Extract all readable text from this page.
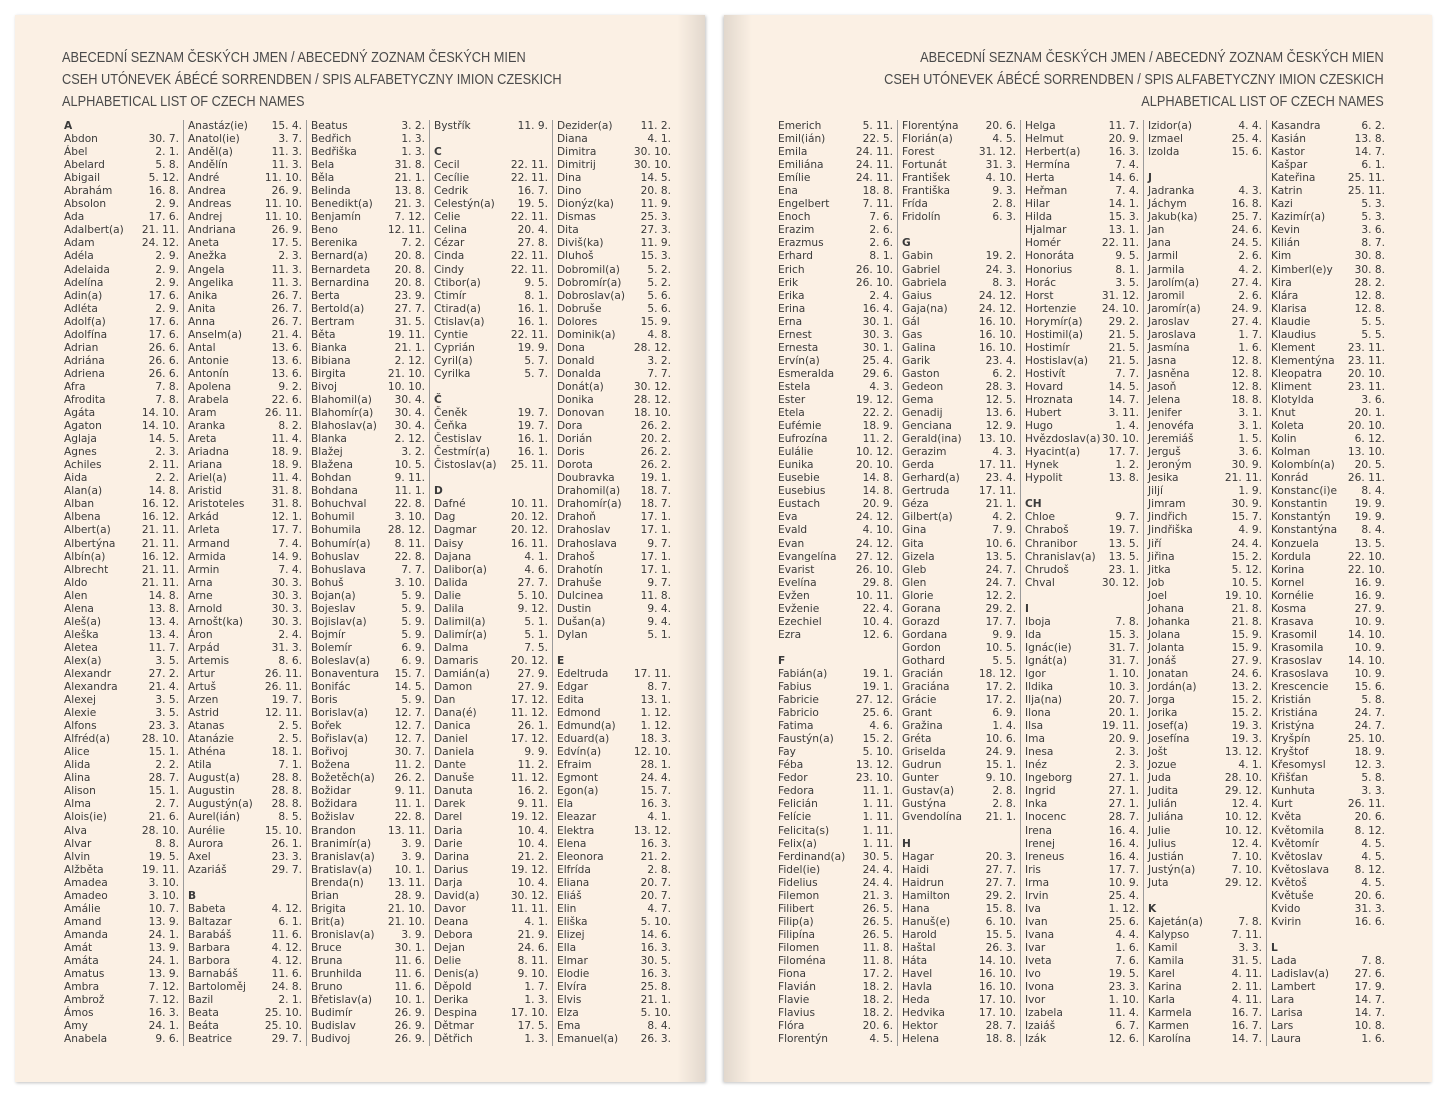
ABECEDNÍ SEZNAM ČESKÝCH JMEN / ABECEDNÝ ZOZNAM ČESKÝCH MIEN
CSEH UTÓNEVEK ÁBÉCÉ SORRENDBEN / SPIS ALFABETYCZNY IMION CZESKICH
ALPHABETICAL LIST OF CZECH NAMES
A
Abdon	30. 7.
Ábel	2. 1.
Abelard	5. 8.
Abigail	5. 12.
Abrahám	16. 8.
Absolon	2. 9.
Ada	17. 6.
Adalbert(a) 21. 11.
Adam	24. 12.
Adéla	2. 9.
Adelaida	2. 9.
Adelína	2. 9.
Adin(a)	17. 6.
Adléta	2. 9.
Adolf(a)	17. 6.
Adolfína	17. 6.
Adrian	26. 6.
Adriána	26. 6.
Adriena	26. 6.
Afra	7. 8.
Afrodita	7. 8.
Agáta	14. 10.
Agaton	14. 10.
Aglaja	14. 5.
Agnes	2. 3.
Achiles	2. 11.
Aida	2. 2.
Alan(a)	14. 8.
Alban	16. 12.
Albena	16. 12.
Albert(a)	21. 11.
Albertýna	21. 11.
Albín(a)	16. 12.
Albrecht	21. 11.
Aldo	21. 11.
Alen	14. 8.
Alena	13. 8.
Aleš(a)	13. 4.
Aleška	13. 4.
Aletea	11. 7.
Alex(a)	3. 5.
Alexandr	27. 2.
Alexandra	21. 4.
Alexej	3. 5.
Alexie	3. 5.
Alfons	23. 3.
Alfréd(a)	28. 10.
Alice	15. 1.
Alida	2. 2.
Alina	28. 7.
Alison	15. 1.
Alma	2. 7.
Alois(ie)	21. 6.
Alva	28. 10.
Alvar	8. 8.
Alvin	19. 5.
Alžběta	19. 11.
Amadea	3. 10.
Amadeo	3. 10.
Amálie	10. 7.
Amand	13. 9.
Amanda	24. 1.
Amát	13. 9.
Amáta	24. 1.
Amatus	13. 9.
Ambra	7. 12.
Ambrož	7. 12.
Ámos	16. 3.
Amy	24. 1.
Anabela	9. 6.
Anastáz(ie) 15. 4.
Anatol(ie)	3. 7.
Anděl(a)	11. 3.
Andělín	11. 3.
André	11. 10.
Andrea	26. 9.
Andreas	11. 10.
Andrej	11. 10.
Andriana	26. 9.
Aneta	17. 5.
Anežka	2. 3.
Angela	11. 3.
Angelika	11. 3.
Anika	26. 7.
Anita	26. 7.
Anna	26. 7.
Anselm(a)	21. 4.
Antal	13. 6.
Antonie	13. 6.
Antonín	13. 6.
Apolena	9. 2.
Arabela	22. 6.
Aram	26. 11.
Aranka	8. 2.
Areta	11. 4.
Ariadna	18. 9.
Ariana	18. 9.
Ariel(a)	11. 4.
Aristid	31. 8.
Aristoteles	31. 8.
Arkád	12. 1.
Arleta	17. 7.
Armand	7. 4.
Armida	14. 9.
Armin	7. 4.
Arna	30. 3.
Arne	30. 3.
Arnold	30. 3.
Arnošt(ka)	30. 3.
Áron	2. 4.
Arpád	31. 3.
Artemis	8. 6.
Artur	26. 11.
Artuš	26. 11.
Arzen	19. 7.
Astrid	12. 11.
Atanas	2. 5.
Atanázie	2. 5.
Athéna	18. 1.
Atila	7. 1.
August(a)	28. 8.
Augustin	28. 8.
Augustýn(a) 28. 8.
Aurel(ián)	8. 5.
Aurélie	15. 10.
Aurora	26. 1.
Axel	23. 3.
Azariáš	29. 7.
B
Babeta	4. 12.
Baltazar	6. 1.
Barabáš	11. 6.
Barbara	4. 12.
Barbora	4. 12.
Barnabáš	11. 6.
Bartoloměj 24. 8.
Bazil	2. 1.
Beata	25. 10.
Beáta	25. 10.
Beatrice	29. 7.
Beatus	3. 2.
Bedřich	1. 3.
Bedřiška	1. 3.
Bela	31. 8.
Běla	21. 1.
Belinda	13. 8.
Benedikt(a) 21. 3.
Benjamín	7. 12.
Beno	12. 11.
Berenika	7. 2.
Bernard(a)	20. 8.
Bernardeta 20. 8.
Bernardina 20. 8.
Berta	23. 9.
Bertold(a)	27. 7.
Bertram	31. 5.
Běta	19. 11.
Bianka	21. 1.
Bibiana	2. 12.
Birgita	21. 10.
Bivoj	10. 10.
Blahomil(a) 30. 4.
Blahomír(a) 30. 4.
Blahoslav(a) 30. 4.
Blanka	2. 12.
Blažej	3. 2.
Blažena	10. 5.
Bohdan	9. 11.
Bohdana	11. 1.
Bohuchval	22. 8.
Bohumil	3. 10.
Bohumila	28. 12.
Bohumír(a) 8. 11.
Bohuslav	22. 8.
Bohuslava	7. 7.
Bohuš	3. 10.
Bojan(a)	5. 9.
Bojeslav	5. 9.
Bojislav(a)	5. 9.
Bojmír	5. 9.
Bolemír	6. 9.
Boleslav(a)	6. 9.
Bonaventura 15. 7.
Bonifác	14. 5.
Boris	5. 9.
Borislav(a)	12. 7.
Bořek	12. 7.
Bořislav(a)	12. 7.
Bořivoj	30. 7.
Božena	11. 2.
Božetěch(a) 26. 2.
Božidar	9. 11.
Božidara	11. 1.
Božislav	22. 8.
Brandon	13. 11.
Branimír(a)	3. 9.
Branislav(a)	3. 9.
Bratislav(a) 10. 1.
Brenda(n) 13. 11.
Brian	28. 9.
Brigita	21. 10.
Brit(a)	21. 10.
Bronislav(a)	3. 9.
Bruce	30. 1.
Bruna	11. 6.
Brunhilda	11. 6.
Bruno	11. 6.
Břetislav(a) 10. 1.
Budimír	26. 9.
Budislav	26. 9.
Budivoj	26. 9.
Bystřík	11. 9.
C
Cecil	22. 11.
Cecílie	22. 11.
Cedrik	16. 7.
Celestýn(a) 19. 5.
Celie	22. 11.
Celina	20. 4.
Cézar	27. 8.
Cinda	22. 11.
Cindy	22. 11.
Ctibor(a)	9. 5.
Ctimír	8. 1.
Ctirad(a)	16. 1.
Ctislav(a)	16. 1.
Cyntie	22. 11.
Cyprián	19. 9.
Cyril(a)	5. 7.
Cyrilka	5. 7.
Č
Čeněk	19. 7.
Čeňka	19. 7.
Čestislav	16. 1.
Čestmír(a)	16. 1.
Čistoslav(a) 25. 11.
D
Dafné	10. 11.
Dag	20. 12.
Dagmar	20. 12.
Daisy	16. 11.
Dajana	4. 1.
Dalibor(a)	4. 6.
Dalida	27. 7.
Dalie	5. 10.
Dalila	9. 12.
Dalimil(a)	5. 1.
Dalimír(a)	5. 1.
Dalma	7. 5.
Damaris	20. 12.
Damián(a)	27. 9.
Damon	27. 9.
Dan	17. 12.
Dana(é)	11. 12.
Danica	26. 1.
Daniel	17. 12.
Daniela	9. 9.
Dante	11. 2.
Danuše	11. 12.
Danuta	16. 2.
Darek	9. 11.
Darel	19. 12.
Daria	10. 4.
Darie	10. 4.
Darina	21. 2.
Darius	19. 12.
Darja	10. 4.
David(a)	30. 12.
Davor	11. 11.
Deana	4. 1.
Debora	21. 9.
Dejan	24. 6.
Delie	8. 11.
Denis(a)	9. 10.
Děpold	1. 7.
Derika	1. 3.
Despina	17. 10.
Dětmar	17. 5.
Dětřich	1. 3.
Dezider(a)	11. 2.
Diana	4. 1.
Dimitra	30. 10.
Dimitrij	30. 10.
Dina	14. 5.
Dino	20. 8.
Dionýz(ka)	11. 9.
Dismas	25. 3.
Dita	27. 3.
Diviš(ka)	11. 9.
Dluhoš	15. 3.
Dobromil(a)	5. 2.
Dobromír(a) 5. 2.
Dobroslav(a) 5. 6.
Dobruše	5. 6.
Dolores	15. 9.
Dominik(a)	4. 8.
Dona	28. 12.
Donald	3. 2.
Donalda	7. 7.
Donát(a)	30. 12.
Donika	28. 12.
Donovan	18. 10.
Dora	26. 2.
Dorián	20. 2.
Doris	26. 2.
Dorota	26. 2.
Doubravka 19. 1.
Drahomil(a) 18. 7.
Drahomír(a) 18. 7.
Drahoň	17. 1.
Drahoslav	17. 1.
Drahoslava	9. 7.
Drahoš	17. 1.
Drahotín	17. 1.
Drahuše	9. 7.
Dulcinea	11. 8.
Dustin	9. 4.
Dušan(a)	9. 4.
Dylan	5. 1.
E
Edeltruda 17. 11.
Edgar	8. 7.
Edita	13. 1.
Edmond	1. 12.
Edmund(a) 1. 12.
Eduard(a)	18. 3.
Edvín(a)	12. 10.
Efraim	28. 1.
Egmont	24. 4.
Egon(a)	15. 7.
Ela	16. 3.
Eleazar	4. 1.
Elektra	13. 12.
Elena	16. 3.
Eleonora	21. 2.
Elfrída	2. 8.
Eliana	20. 7.
Eliáš	20. 7.
Elin	4. 7.
Eliška	5. 10.
Elizej	14. 6.
Ella	16. 3.
Elmar	30. 5.
Elodie	16. 3.
Elvíra	25. 8.
Elvis	21. 1.
Elza	5. 10.
Ema	8. 4.
Emanuel(a) 26. 3.
ABECEDNÍ SEZNAM ČESKÝCH JMEN / ABECEDNÝ ZOZNAM ČESKÝCH MIEN
CSEH UTÓNEVEK ÁBÉCÉ SORRENDBEN / SPIS ALFABETYCZNY IMION CZESKICH
ALPHABETICAL LIST OF CZECH NAMES
Emerich	5. 11.
Emil(ián)	22. 5.
Emila	24. 11.
Emiliána	24. 11.
Emílie	24. 11.
Ena	18. 8.
Engelbert	7. 11.
Enoch	7. 6.
Erazim	2. 6.
Erazmus	2. 6.
Erhard	8. 1.
Erich	26. 10.
Erik	26. 10.
Erika	2. 4.
Erina	16. 4.
Erna	30. 1.
Ernest	30. 3.
Ernesta	30. 1.
Ervín(a)	25. 4.
Esmeralda	29. 6.
Estela	4. 3.
Ester	19. 12.
Etela	22. 2.
Eufémie	18. 9.
Eufrozína	11. 2.
Eulálie	10. 12.
Eunika	20. 10.
Eusebie	14. 8.
Eusebius	14. 8.
Eustach	20. 9.
Eva	24. 12.
Evald	4. 10.
Evan	24. 12.
Evangelína 27. 12.
Evarist	26. 10.
Evelína	29. 8.
Evžen	10. 11.
Evženie	22. 4.
Ezechiel	10. 4.
Ezra	12. 6.
F
Fabián(a)	19. 1.
Fabius	19. 1.
Fabricie	27. 12.
Fabricio	25. 6.
Fatima	4. 6.
Faustýn(a)	15. 2.
Fay	5. 10.
Féba	13. 12.
Fedor	23. 10.
Fedora	11. 1.
Felicián	1. 11.
Felície	1. 11.
Felicita(s)	1. 11.
Felix(a)	1. 11.
Ferdinand(a) 30. 5.
Fidel(ie)	24. 4.
Fidelius	24. 4.
Filemon	21. 3.
Filibert	26. 5.
Filip(a)	26. 5.
Filipína	26. 5.
Filomen	11. 8.
Filoména	11. 8.
Fiona	17. 2.
Flavián	18. 2.
Flavie	18. 2.
Flavius	18. 2.
Flóra	20. 6.
Florentýn	4. 5.
Florentýna	20. 6.
Florián(a)	4. 5.
Forest	31. 12.
Fortunát	31. 3.
František	4. 10.
Františka	9. 3.
Frída	2. 8.
Fridolín	6. 3.
G
Gabin	19. 2.
Gabriel	24. 3.
Gabriela	8. 3.
Gaius	24. 12.
Gaja(na)	24. 12.
Gál	16. 10.
Gas	16. 10.
Galina	16. 10.
Garik	23. 4.
Gaston	6. 2.
Gedeon	28. 3.
Gema	12. 5.
Genadij	13. 6.
Genciana	12. 9.
Gerald(ina) 13. 10.
Gerazim	4. 3.
Gerda	17. 11.
Gerhard(a) 23. 4.
Gertruda	17. 11.
Géza	21. 1.
Gilbert(a)	4. 2.
Gina	7. 9.
Gita	10. 6.
Gizela	13. 5.
Gleb	24. 7.
Glen	24. 7.
Glorie	12. 2.
Gorana	29. 2.
Gorazd	17. 7.
Gordana	9. 9.
Gordon	10. 5.
Gothard	5. 5.
Gracián	18. 12.
Graciána	17. 2.
Grácie	17. 2.
Grant	6. 9.
Gražina	1. 4.
Gréta	10. 6.
Griselda	24. 9.
Gudrun	15. 1.
Gunter	9. 10.
Gustav(a)	2. 8.
Gustýna	2. 8.
Gvendolína 21. 1.
H
Hagar	20. 3.
Haidi	27. 7.
Haidrun	27. 7.
Hamilton	29. 2.
Hana	15. 8.
Hanuš(e)	6. 10.
Harold	15. 5.
Haštal	26. 3.
Háta	14. 10.
Havel	16. 10.
Havla	16. 10.
Heda	17. 10.
Hedvika	17. 10.
Hektor	28. 7.
Helena	18. 8.
Helga	11. 7.
Helmut	20. 9.
Herbert(a)	16. 3.
Hermína	7. 4.
Herta	14. 6.
Heřman	7. 4.
Hilar	14. 1.
Hilda	15. 3.
Hjalmar	13. 1.
Homér	22. 11.
Honoráta	9. 5.
Honorius	8. 1.
Horác	3. 5.
Horst	31. 12.
Hortenzie 24. 10.
Horymír(a) 29. 2.
Hostimil(a) 21. 5.
Hostimír	21. 5.
Hostislav(a) 21. 5.
Hostivít	7. 7.
Hovard	14. 5.
Hroznata	14. 7.
Hubert	3. 11.
Hugo	1. 4.
Hvězdoslav(a) 30. 10.
Hyacint(a)	17. 7.
Hynek	1. 2.
Hypolit	13. 8.
CH
Chloe	9. 7.
Chraboš	19. 7.
Chranibor	13. 5.
Chranislav(a) 13. 5.
Chrudoš	23. 1.
Chval	30. 12.
I
Iboja	7. 8.
Ida	15. 3.
Ignác(ie)	31. 7.
Ignát(a)	31. 7.
Igor	1. 10.
Ildika	10. 3.
Ilja(na)	20. 7.
Ilona	20. 1.
Ilsa	19. 11.
Ima	20. 9.
Inesa	2. 3.
Inéz	2. 3.
Ingeborg	27. 1.
Ingrid	27. 1.
Inka	27. 1.
Inocenc	28. 7.
Irena	16. 4.
Irenej	16. 4.
Ireneus	16. 4.
Iris	17. 7.
Irma	10. 9.
Irvin	25. 4.
Iva	1. 12.
Ivan	25. 6.
Ivana	4. 4.
Ivar	1. 6.
Iveta	7. 6.
Ivo	19. 5.
Ivona	23. 3.
Ivor	1. 10.
Izabela	11. 4.
Izaiáš	6. 7.
Izák	12. 6.
Izidor(a)	4. 4.
Izmael	25. 4.
Izolda	15. 6.
J
Jadranka	4. 3.
Jáchym	16. 8.
Jakub(ka)	25. 7.
Jan	24. 6.
Jana	24. 5.
Jarmil	2. 6.
Jarmila	4. 2.
Jarolím(a)	27. 4.
Jaromil	2. 6.
Jaromír(a)	24. 9.
Jaroslav	27. 4.
Jaroslava	1. 7.
Jasmína	1. 6.
Jasna	12. 8.
Jasněna	12. 8.
Jasoň	12. 8.
Jelena	18. 8.
Jenifer	3. 1.
Jenovéfa	3. 1.
Jeremiáš	1. 5.
Jerguš	3. 6.
Jeroným	30. 9.
Jesika	21. 11.
Jiljí	1. 9.
Jimram	30. 9.
Jindřich	15. 7.
Jindřiška	4. 9.
Jiří	24. 4.
Jiřina	15. 2.
Jitka	5. 12.
Job	10. 5.
Joel	19. 10.
Johana	21. 8.
Johanka	21. 8.
Jolana	15. 9.
Jolanta	15. 9.
Jonáš	27. 9.
Jonatan	24. 6.
Jordán(a)	13. 2.
Jorga	15. 2.
Jorika	15. 2.
Josef(a)	19. 3.
Josefína	19. 3.
Jošt	13. 12.
Jozue	4. 1.
Juda	28. 10.
Judita	29. 12.
Julián	12. 4.
Juliána	10. 12.
Julie	10. 12.
Julius	12. 4.
Justián	7. 10.
Justýn(a)	7. 10.
Juta	29. 12.
K
Kajetán(a)	7. 8.
Kalypso	7. 11.
Kamil	3. 3.
Kamila	31. 5.
Karel	4. 11.
Karina	2. 11.
Karla	4. 11.
Karmela	16. 7.
Karmen	16. 7.
Karolína	14. 7.
Kasandra	6. 2.
Kasián	13. 8.
Kastor	14. 7.
Kašpar	6. 1.
Kateřina	25. 11.
Katrin	25. 11.
Kazi	5. 3.
Kazimír(a)	5. 3.
Kevin	3. 6.
Kilián	8. 7.
Kim	30. 8.
Kimberl(e)y 30. 8.
Kira	28. 2.
Klára	12. 8.
Klarisa	12. 8.
Klaudie	5. 5.
Klaudius	5. 5.
Klement	23. 11.
Klementýna 23. 11.
Kleopatra 20. 10.
Kliment	23. 11.
Klotylda	3. 6.
Knut	20. 1.
Koleta	20. 10.
Kolin	6. 12.
Kolman	13. 10.
Kolombín(a) 20. 5.
Konrád	26. 11.
Konstanc(i)e 8. 4.
Konstantin	19. 9.
Konstantýn 19. 9.
Konstantýna 8. 4.
Konzuela	13. 5.
Kordula	22. 10.
Korina	22. 10.
Kornel	16. 9.
Kornélie	16. 9.
Kosma	27. 9.
Krasava	10. 9.
Krasomil	14. 10.
Krasomila	10. 9.
Krasoslav 14. 10.
Krasoslava 10. 9.
Krescencie 15. 6.
Kristián	5. 8.
Kristiána	24. 7.
Kristýna	24. 7.
Kryšpín	25. 10.
Kryštof	18. 9.
Křesomysl	12. 3.
Křišťan	5. 8.
Kunhuta	3. 3.
Kurt	26. 11.
Květa	20. 6.
Květomila	8. 12.
Květomír	4. 5.
Květoslav	4. 5.
Květoslava 8. 12.
Květoš	4. 5.
Květuše	20. 6.
Kvido	31. 3.
Kvirin	16. 6.
L
Lada	7. 8.
Ladislav(a) 27. 6.
Lambert	17. 9.
Lara	14. 7.
Larisa	14. 7.
Lars	10. 8.
Laura	1. 6.
